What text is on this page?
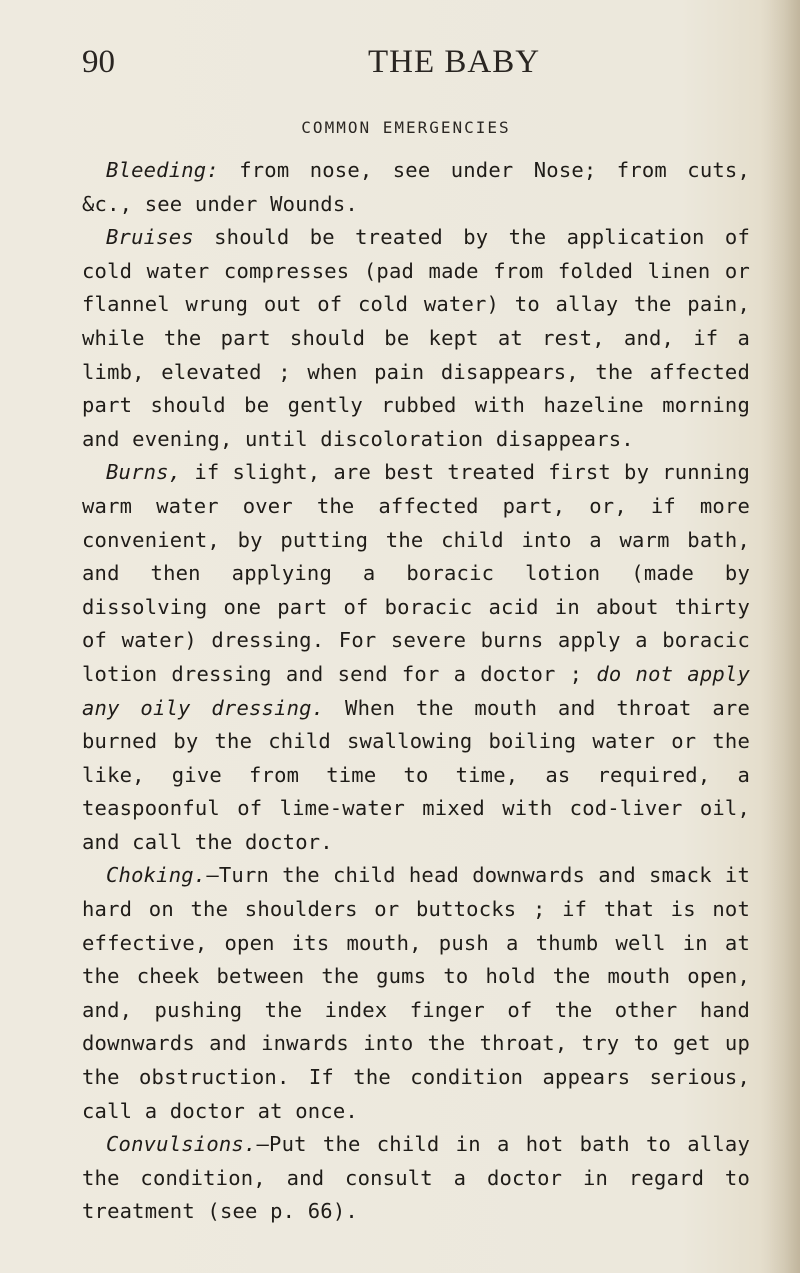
90	THE BABY
COMMON EMERGENCIES

Bleeding: from nose, see under Nose; from cuts, &c., see under Wounds.

Bruises should be treated by the application of cold water compresses (pad made from folded linen or flannel wrung out of cold water) to allay the pain, while the part should be kept at rest, and, if a limb, elevated ; when pain disappears, the affected part should be gently rubbed with hazeline morning and evening, until discoloration disappears.

Burns, if slight, are best treated first by running warm water over the affected part, or, if more convenient, by putting the child into a warm bath, and then applying a boracic lotion (made by dissolving one part of boracic acid in about thirty of water) dressing. For severe burns apply a boracic lotion dressing and send for a doctor ; do not apply any oily dressing. When the mouth and throat are burned by the child swallowing boiling water or the like, give from time to time, as required, a teaspoonful of lime-water mixed with cod-liver oil, and call the doctor.

Choking.—Turn the child head downwards and smack it hard on the shoulders or buttocks ; if that is not effective, open its mouth, push a thumb well in at the cheek between the gums to hold the mouth open, and, pushing the index finger of the other hand downwards and inwards into the throat, try to get up the obstruction. If the condition appears serious, call a doctor at once.

Convulsions.—Put the child in a hot bath to allay the condition, and consult a doctor in regard to treatment (see p. 66).
